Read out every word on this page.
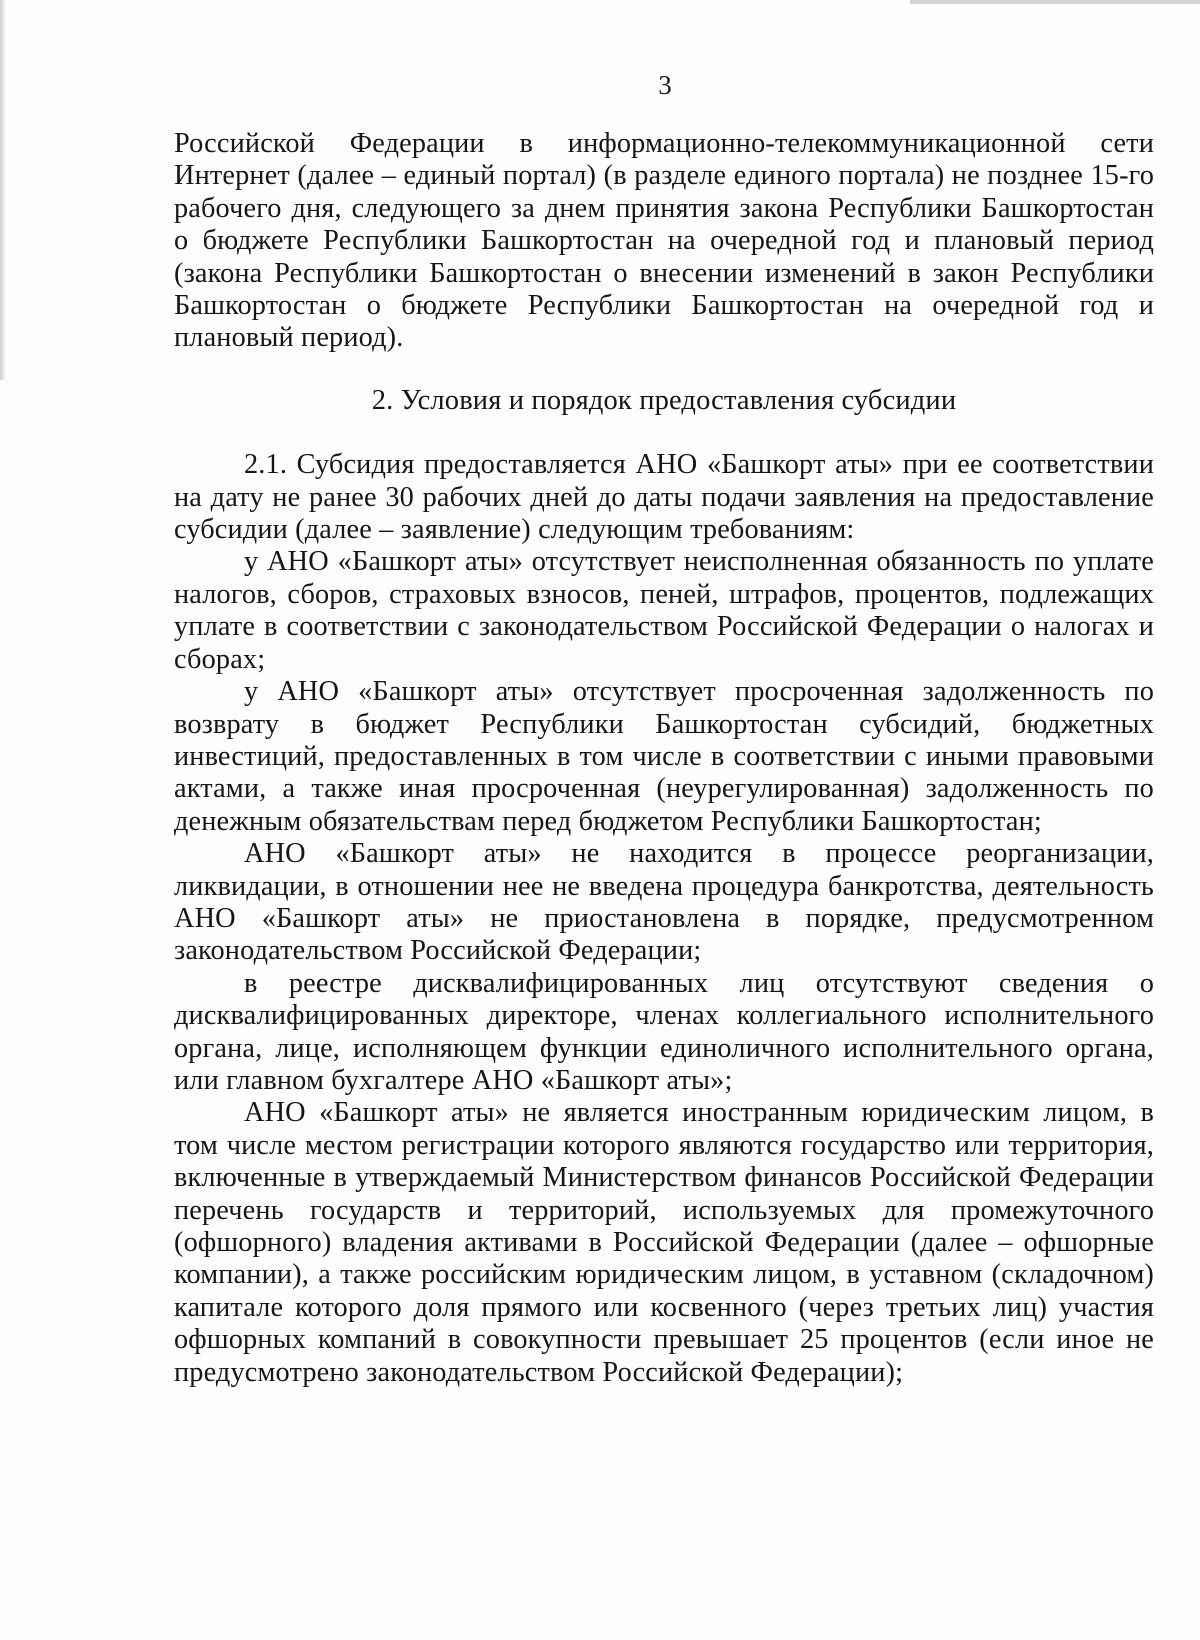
3

Российской Федерации в информационно-телекоммуникационной сети Интернет (далее – единый портал) (в разделе единого портала) не позднее 15-го рабочего дня, следующего за днем принятия закона Республики Башкортостан о бюджете Республики Башкортостан на очередной год и плановый период (закона Республики Башкортостан о внесении изменений в закон Республики Башкортостан о бюджете Республики Башкортостан на очередной год и плановый период).

2. Условия и порядок предоставления субсидии

2.1. Субсидия предоставляется АНО «Башкорт аты» при ее соответствии на дату не ранее 30 рабочих дней до даты подачи заявления на предоставление субсидии (далее – заявление) следующим требованиям:

у АНО «Башкорт аты» отсутствует неисполненная обязанность по уплате налогов, сборов, страховых взносов, пеней, штрафов, процентов, подлежащих уплате в соответствии с законодательством Российской Федерации о налогах и сборах;

у АНО «Башкорт аты» отсутствует просроченная задолженность по возврату в бюджет Республики Башкортостан субсидий, бюджетных инвестиций, предоставленных в том числе в соответствии с иными правовыми актами, а также иная просроченная (неурегулированная) задолженность по денежным обязательствам перед бюджетом Республики Башкортостан;

АНО «Башкорт аты» не находится в процессе реорганизации, ликвидации, в отношении нее не введена процедура банкротства, деятельность АНО «Башкорт аты» не приостановлена в порядке, предусмотренном законодательством Российской Федерации;

в реестре дисквалифицированных лиц отсутствуют сведения о дисквалифицированных директоре, членах коллегиального исполнительного органа, лице, исполняющем функции единоличного исполнительного органа, или главном бухгалтере АНО «Башкорт аты»;

АНО «Башкорт аты» не является иностранным юридическим лицом, в том числе местом регистрации которого являются государство или территория, включенные в утверждаемый Министерством финансов Российской Федерации перечень государств и территорий, используемых для промежуточного (офшорного) владения активами в Российской Федерации (далее – офшорные компании), а также российским юридическим лицом, в уставном (складочном) капитале которого доля прямого или косвенного (через третьих лиц) участия офшорных компаний в совокупности превышает 25 процентов (если иное не предусмотрено законодательством Российской Федерации);
